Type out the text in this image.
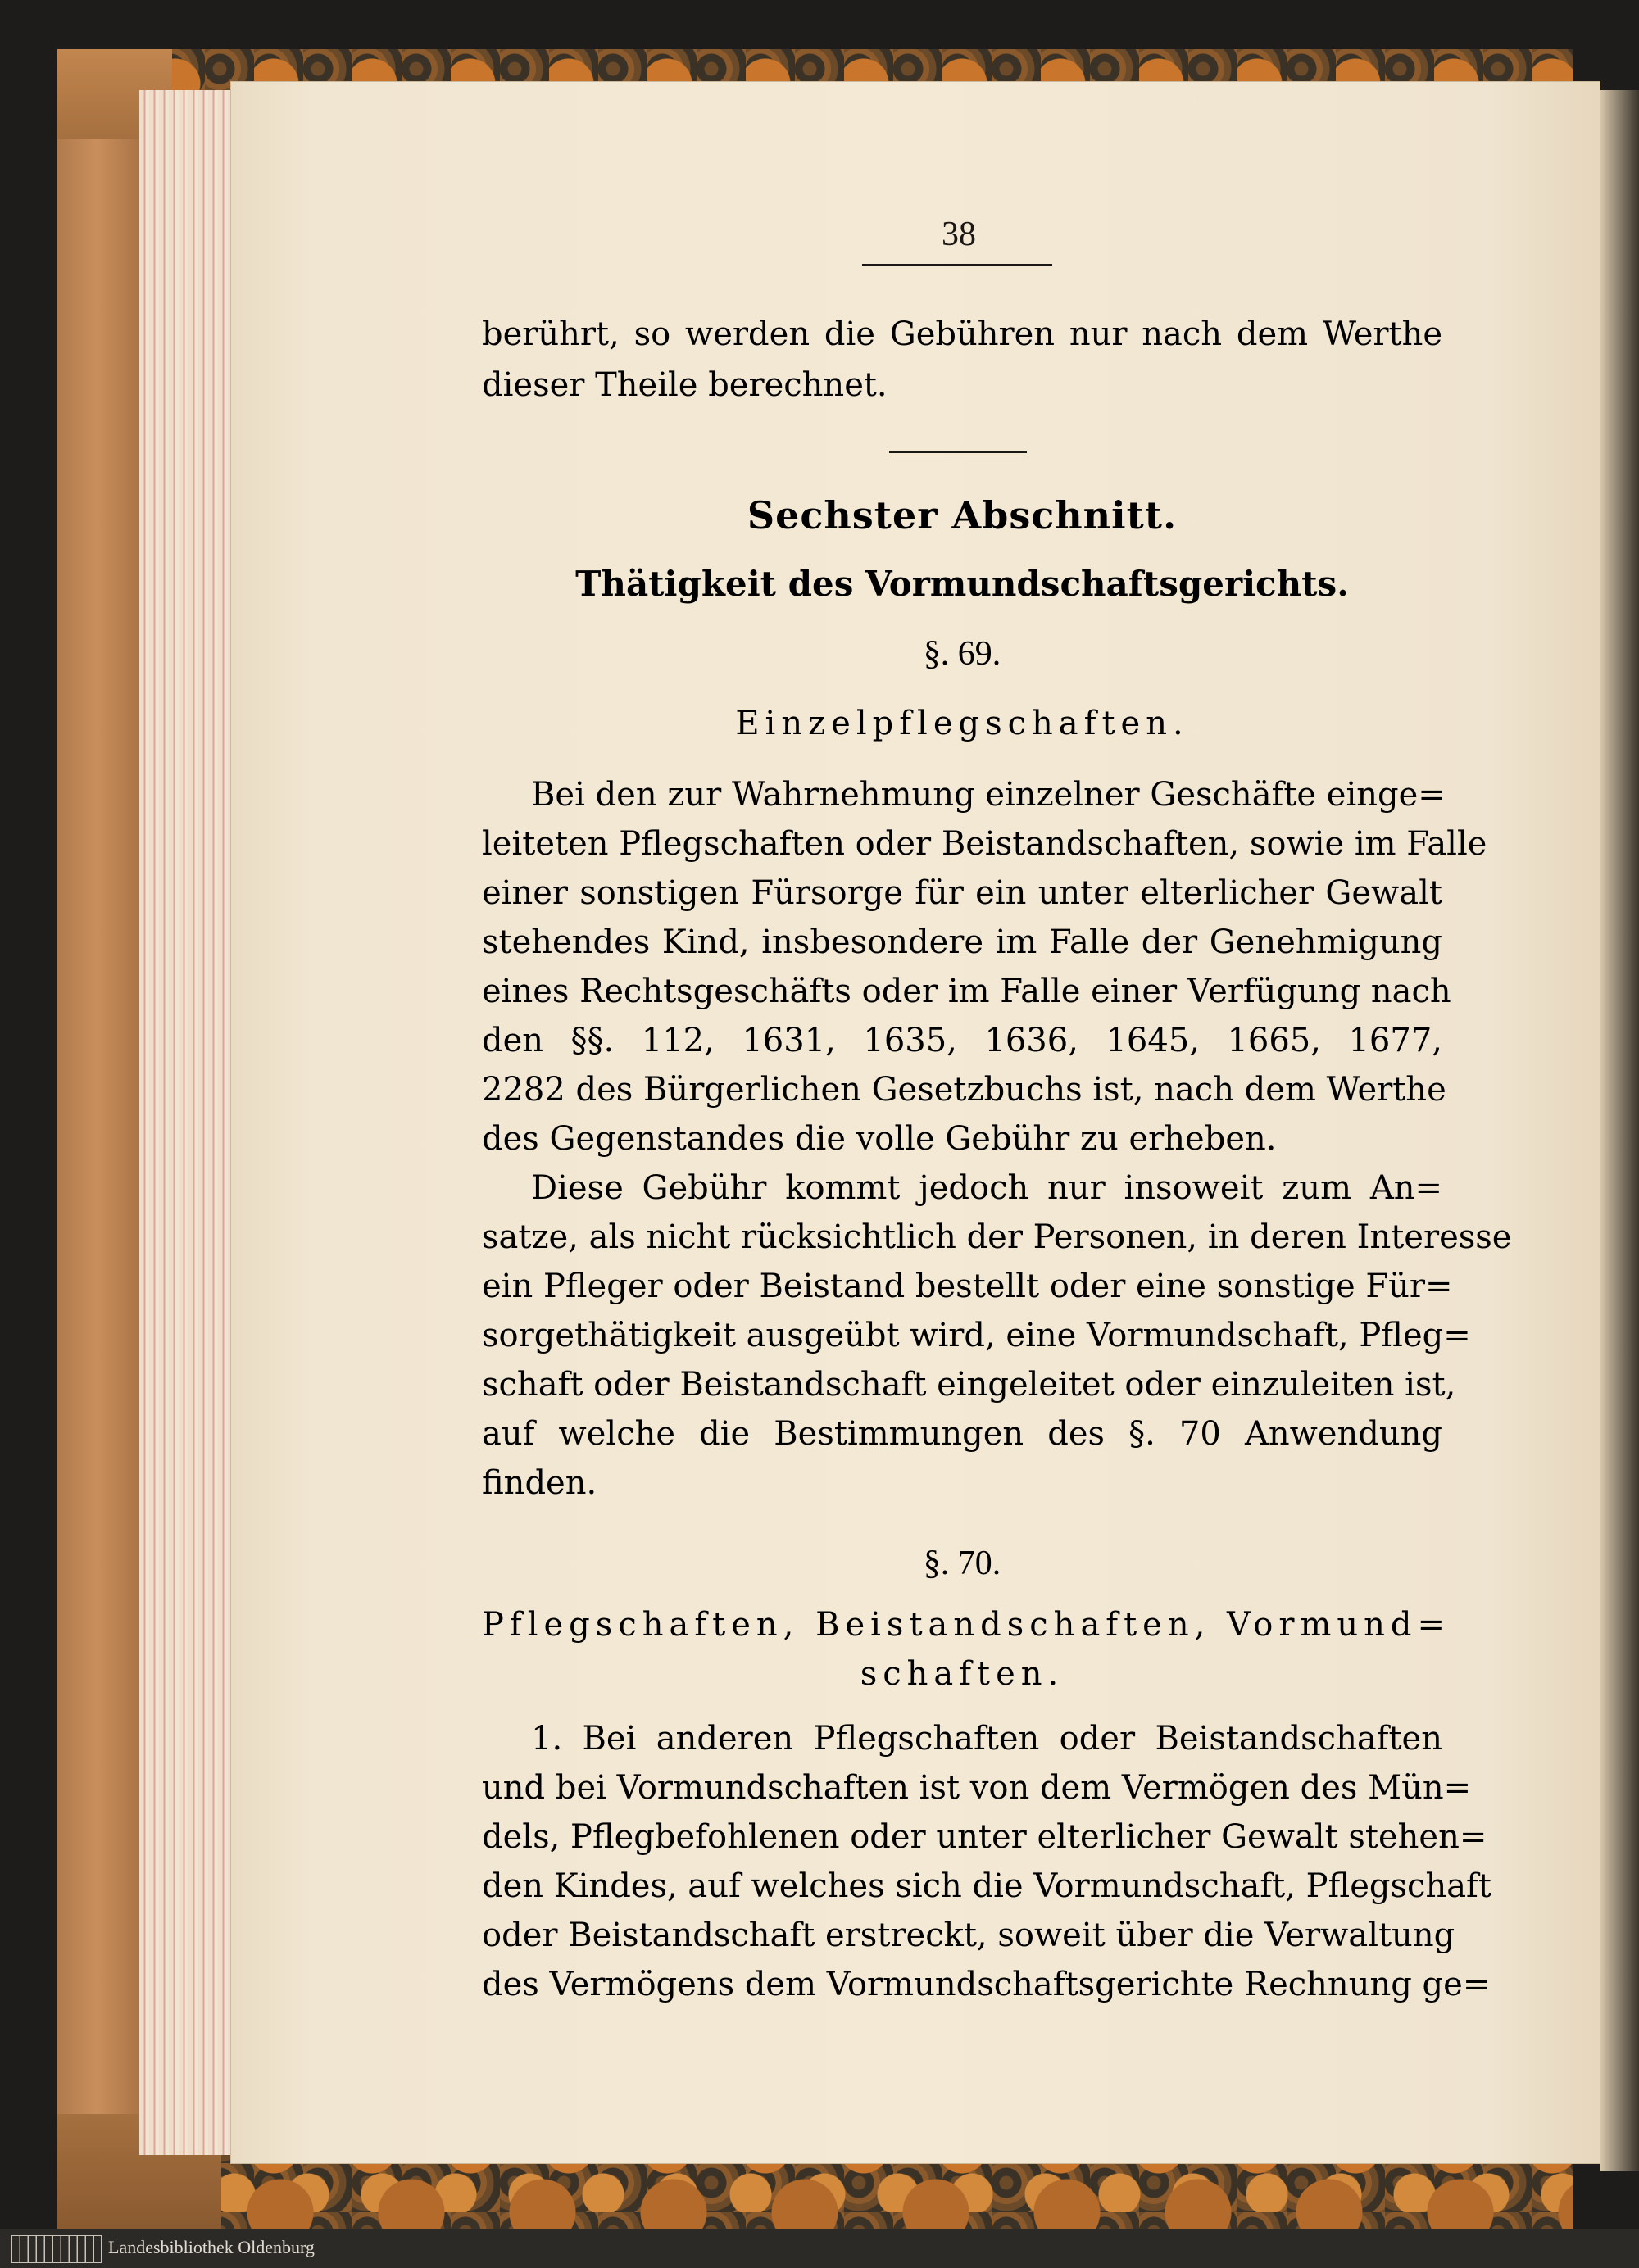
38
berührt, so werden die Gebühren nur nach dem Werthe
dieser Theile berechnet.
Sechster Abschnitt.
Thätigkeit des Vormundschaftsgerichts.
§. 69.
Einzelpflegschaften.
Bei den zur Wahrnehmung einzelner Geschäfte einge=
leiteten Pflegschaften oder Beistandschaften, sowie im Falle
einer sonstigen Fürsorge für ein unter elterlicher Gewalt
stehendes Kind, insbesondere im Falle der Genehmigung
eines Rechtsgeschäfts oder im Falle einer Verfügung nach
den §§. 112, 1631, 1635, 1636, 1645, 1665, 1677,
2282 des Bürgerlichen Gesetzbuchs ist, nach dem Werthe
des Gegenstandes die volle Gebühr zu erheben.
Diese Gebühr kommt jedoch nur insoweit zum An=
satze, als nicht rücksichtlich der Personen, in deren Interesse
ein Pfleger oder Beistand bestellt oder eine sonstige Für=
sorgethätigkeit ausgeübt wird, eine Vormundschaft, Pfleg=
schaft oder Beistandschaft eingeleitet oder einzuleiten ist,
auf welche die Bestimmungen des §. 70 Anwendung
finden.
§. 70.
Pflegschaften, Beistandschaften, Vormund=
schaften.
1. Bei anderen Pflegschaften oder Beistandschaften
und bei Vormundschaften ist von dem Vermögen des Mün=
dels, Pflegbefohlenen oder unter elterlicher Gewalt stehen=
den Kindes, auf welches sich die Vormundschaft, Pflegschaft
oder Beistandschaft erstreckt, soweit über die Verwaltung
des Vermögens dem Vormundschaftsgerichte Rechnung ge=
Landesbibliothek Oldenburg
